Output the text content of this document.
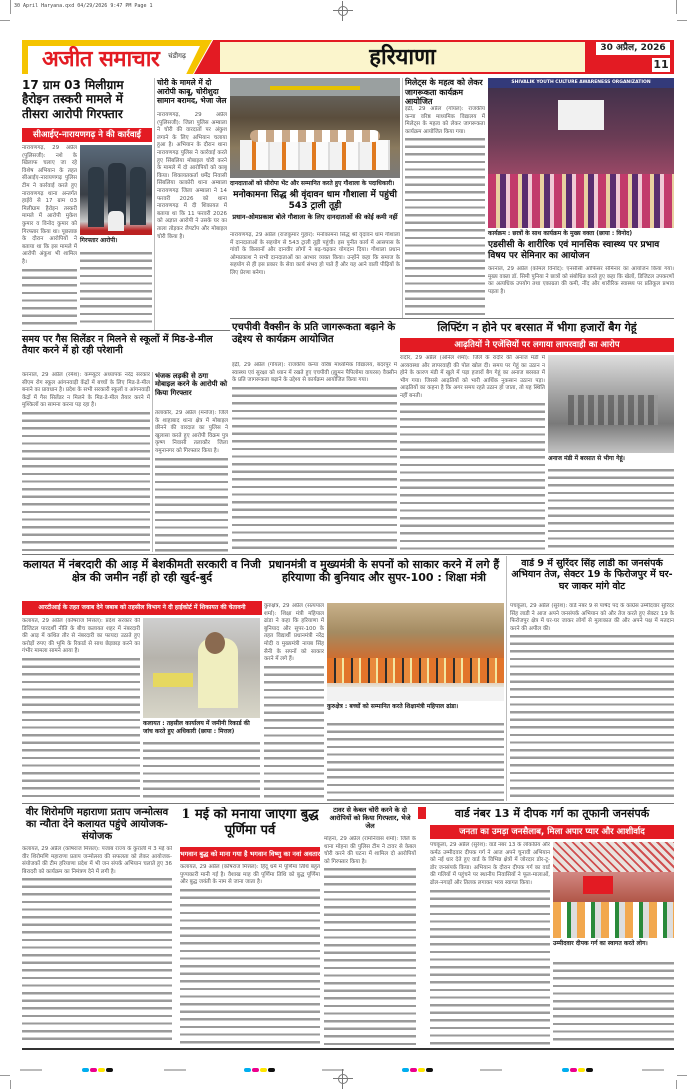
30 April Haryana.qxd 04/29/2026 9:47 PM Page 1
अजीत समाचार चंडीगढ़	हरियाणा	30 अप्रैल, 2026
11
17 ग्राम 03 मिलीग्राम हैरोइन तस्करी मामले में तीसरा आरोपी गिरफ्तार
सीआईए-नारायणगढ़ ने की कार्रवाई
नारायणगढ़, 29 अप्रैल (पुलिसजी): नशे के खिलाफ चलाए जा रहे विशेष अभियान के तहत सीआईए-नारायणगढ़ पुलिस टीम ने कार्रवाई करते हुए नारायणगढ़ थाना अन्तर्गत हाईवे से 17 ग्राम 03 मिलीग्राम हैरोइन तस्करी मामले में आरोपी मुकेश कुमार व विनोद कुमार को गिरफ्तार किया था। पूछताछ के दौरान आरोपियों ने बताया था कि इस मामले में आरोपी अंकुश भी शामिल है।
गिरफ्तार आरोपी।
चोरी के मामले में दो आरोपी काबू, चोरीशुदा सामान बरामद, भेजा जेल
नारायणगढ़, 29 अप्रैल (पुलिसजी): जिला पुलिस अम्बाला ने चोरी की वारदातों पर अंकुश लगाने के लिए अभियान चलाया हुआ है। अभियान के दौरान थाना नारायणगढ़ पुलिस ने कार्रवाई करते हुए सिंबलिया मोबाइल चोरी करने के मामले में दो आरोपियों को काबू किया। शिकायतकर्ता धर्मेंद्र निवासी सिंबलिया काकोरी थाना अम्बाला नारायणगढ़ जिला अम्बाला ने 14 फरवरी 2026 को थाना नारायणगढ़ में दी शिकायत में बताया था कि 11 फरवरी 2026 को अज्ञात आरोपी ने उसके घर का ताला तोड़कर लैपटॉप और मोबाइल चोरी किया है।
दानदाताओं को सीरोपा भेंट और सम्मानित करते हुए गौशाला के पदाधिकारी।
मनोकामना सिद्ध श्री वृंदावन धाम गौशाला में पहुंची 543 ट्राली तूड़ी
प्रधान-ओमप्रकाश बोले गौशाला के लिए दानदाताओं की कोई कमी नहीं
नारायणगढ़, 29 अप्रैल (राजकुमार गुहार): मनोकामना सिद्ध श्री वृंदावन धाम गौशाला में दानदाताओं के सहयोग से 543 ट्राली तूड़ी पहुंची। इस पुनीत कार्य में आसपास के गांवों के किसानों और दानवीर लोगों ने बढ़-चढ़कर योगदान दिया। गौशाला प्रधान ओमप्रकाश ने सभी दानदाताओं का आभार व्यक्त किया। उन्होंने कहा कि समाज के सहयोग से ही इस प्रकार के सेवा कार्य संभव हो पाते हैं और यह आने वाली पीढ़ियों के लिए प्रेरणा बनेगा।
मिलेट्स के महत्व को लेकर जागरूकता कार्यक्रम आयोजित
इंद्री, 29 अप्रैल (गोयल): राजकीय कन्या वरिष्ठ माध्यमिक विद्यालय में मिलेट्स के महत्व को लेकर जागरूकता कार्यक्रम आयोजित किया गया।
SHIVALIK YOUTH CULTURE AWARENESS ORGANIZATION
कार्यक्रम : छात्रों के साथ कार्यक्रम के मुख्य वक्ता (छाया : विनोद)
एडसीसी के शारीरिक एवं मानसिक स्वास्थ्य पर प्रभाव विषय पर सेमिनार का आयोजन
करनाल, 29 अप्रैल (कोमल विनोद): एनसीसी ऑफिसर सेमिनार का आयोजन किया गया। मुख्य वक्ता डॉ. सिमी पुनिया ने छात्रों को संबोधित करते हुए कहा कि खेलों, डिजिटल उपकरणों का अत्यधिक उपयोग तथा एकाग्रता की कमी, नींद और शारीरिक स्वास्थ्य पर प्रतिकूल प्रभाव पड़ता है।
लिफ्टिंग न होने पर बरसात में भीगा हजारों बैग गेहूं
आढ़तियों ने एजेंसियों पर लगाया लापरवाही का आरोप
रादौर, 29 अप्रैल (अनिल शर्मा): जिले के रादौर की अनाज मंडी में अव्यवस्था और लापरवाही की पोल खोल दी। समय पर गेहूं का उठान न होने के कारण मंडी में खुले में पड़ा हजारों बैग गेहूं का अनाज बरसात में भीग गया। जिससे आढ़तियों को भारी आर्थिक नुकसान उठाना पड़ा। आढ़तियों का कहना है कि अगर समय रहते उठान हो जाता, तो यह स्थिति नहीं बनती।
अनाज मंडी में बरसात से भीगा गेहूं।
समय पर गैस सिलेंडर न मिलने से स्कूलों में मिड-डे-मील तैयार करने में हो रही परेशानी
करनाल, 29 अप्रैल (रमेश): कम्प्यूटर अध्यापक नरेंद्र सरकार सीएम रोग स्कूल आंगनवाड़ी केंद्रों में बच्चों के लिए मिड-डे-मील बनाने का प्रावधान है। प्रदेश के सभी सरकारी स्कूलों व आंगनवाड़ी केंद्रों में गैस सिलेंडर न मिलने के मिड-डे-मील तैयार करने में मुश्किलों का सामना करना पड़ रहा है।
भंजक लड़की से ठगा मोबाइल करने के आरोपी को किया गिरफ्तार
तलाकौर, 29 अप्रैल (मनोज): जिले के शाहाबाद थाना क्षेत्र में मोबाइल छीनने की वारदात का पुलिस ने खुलासा करते हुए आरोपी विक्रम पुत्र कृष्ण निवासी तलाकौर जिला यमुनानगर को गिरफ्तार किया है।
एचपीवी वैक्सीन के प्रति जागरूकता बढ़ाने के उद्देश्य से कार्यक्रम आयोजित
इंद्री, 29 अप्रैल (गोयल): राजकीय कन्या वरिष्ठ माध्यमिक विद्यालय, बदरपुर में स्वास्थ्य एवं सुरक्षा को ध्यान में रखते हुए एचपीवी (ह्यूमन पैपिलोमा वायरस) वैक्सीन के प्रति जागरूकता बढ़ाने के उद्देश्य से कार्यक्रम आयोजित किया गया।
कलायत में नंबरदारी की आड़ में बेशकीमती सरकारी व निजी क्षेत्र की जमीन नहीं हो रही खुर्द-बुर्द
आरटीआई के तहत जवाब देने जबाब को तहसील विभाग ने दी हाईकोर्ट में शिकायत की चेतावनी
कलायत, 29 अप्रैल (कोषराज मित्तल): प्रदेश सरकार की डिजिटल पारदर्शी नीति के बीच कलायत शहर में नंबरदारी की आड़ में कथित तौर से नंबरदारी का फायदा उठाते हुए करोड़ों रुपए की भूमि के रिकार्ड से साथ छेड़छाड़ करने का गंभीर मामला सामने आया है।
कलायत : तहसील कार्यालय में जमीनी रिकार्ड की जांच करते हुए अधिकारी (छाया : मित्तल)
प्रधानमंत्री व मुख्यमंत्री के सपनों को साकार करने में लगे हैं हरियाणा की बुनियाद और सुपर-100 : शिक्षा मंत्री
कुरुक्षेत्र, 29 अप्रैल (सत्यपाल शर्मा): शिक्षा मंत्री महिपाल ढांडा ने कहा कि हरियाणा में बुनियाद और सुपर-100 के तहत विद्यार्थी प्रधानमंत्री नरेंद्र मोदी व मुख्यमंत्री नायब सिंह सैनी के सपनों को साकार करने में लगे हैं।
कुरुक्षेत्र : बच्चों को सम्मानित करते शिक्षामंत्री महिपाल ढांडा।
वार्ड 9 में सुरिंदर सिंह लाडी का जनसंपर्क अभियान तेज, सेक्टर 19 के फिरोजपुर में घर-घर जाकर मांगे वोट
पंचकूला, 29 अप्रैल (सुरेश): वार्ड नंबर 9 से पार्षद पद के कांग्रेस उम्मीदवार सुरिंदर सिंह लाडी ने आज अपने जनसंपर्क अभियान को और तेज करते हुए सेक्टर 19 के फिरोजपुर क्षेत्र में घर-घर जाकर लोगों से मुलाकात की और अपने पक्ष में मतदान करने की अपील की।
वीर शिरोमणि महाराणा प्रताप जन्मोत्सव का न्यौता देने कलायत पहुंचे आयोजक-संयोजक
कलायत, 29 अप्रैल (कोषराज मित्तल): पंजाब राज्य के कुराली में 3 मई को वीर शिरोमणि महाराणा प्रताप जन्मोत्सव की सफलता को लेकर आयोजक-संयोजकों की टीम हरियाणा प्रदेश में भी जन संपर्क अभियान चलाते हुए 36 बिरादरी को कार्यक्रम का निमंत्रण देने में लगी है।
1 मई को मनाया जाएगा बुद्ध पूर्णिमा पर्व
भगवान बुद्ध को माना गया है भगवान विष्णु का नवां अवतार
कलायत, 29 अप्रैल (कोषराज मित्तल): हिंदू धर्म में पूर्णिमा तिथि बहुत पुण्यकारी मानी गई है। वैशाख माह की पूर्णिमा तिथि को बुद्ध पूर्णिमा और बुद्ध जयंती के नाम से जाना जाता है।
टावर से केबल चोरी करने के दो आरोपियों को किया गिरफ्तार, भेजे जेल
मोहना, 29 अप्रैल (रामनिवास शर्मा): जिले के थाना मोहना की पुलिस टीम ने टावर से केबल चोरी करने की घटना में शामिल दो आरोपियों को गिरफ्तार किया है।
वार्ड नंबर 13 में दीपक गर्ग का तूफानी जनसंपर्क
जनता का उमड़ा जनसैलाब, मिला अपार प्यार और आशीर्वाद
पंचकूला, 29 अप्रैल (सुरेश): वार्ड नंबर 13 के लोकप्रिय और कर्मठ उम्मीदवार दीपक गर्ग ने आज अपने चुनावी अभियान को नई धार देते हुए वार्ड के विभिन्न क्षेत्रों में जोरदार डोर-टू-डोर जनसंपर्क किया। अभियान के दौरान दीपक गर्ग का वार्ड की गलियों में पहुंचने पर स्थानीय निवासियों ने फूल-मालाओं, ढोल-नगाड़ों और तिलक लगाकर भव्य स्वागत किया।
उम्मीदवार दीपक गर्ग का स्वागत करते लोग।
